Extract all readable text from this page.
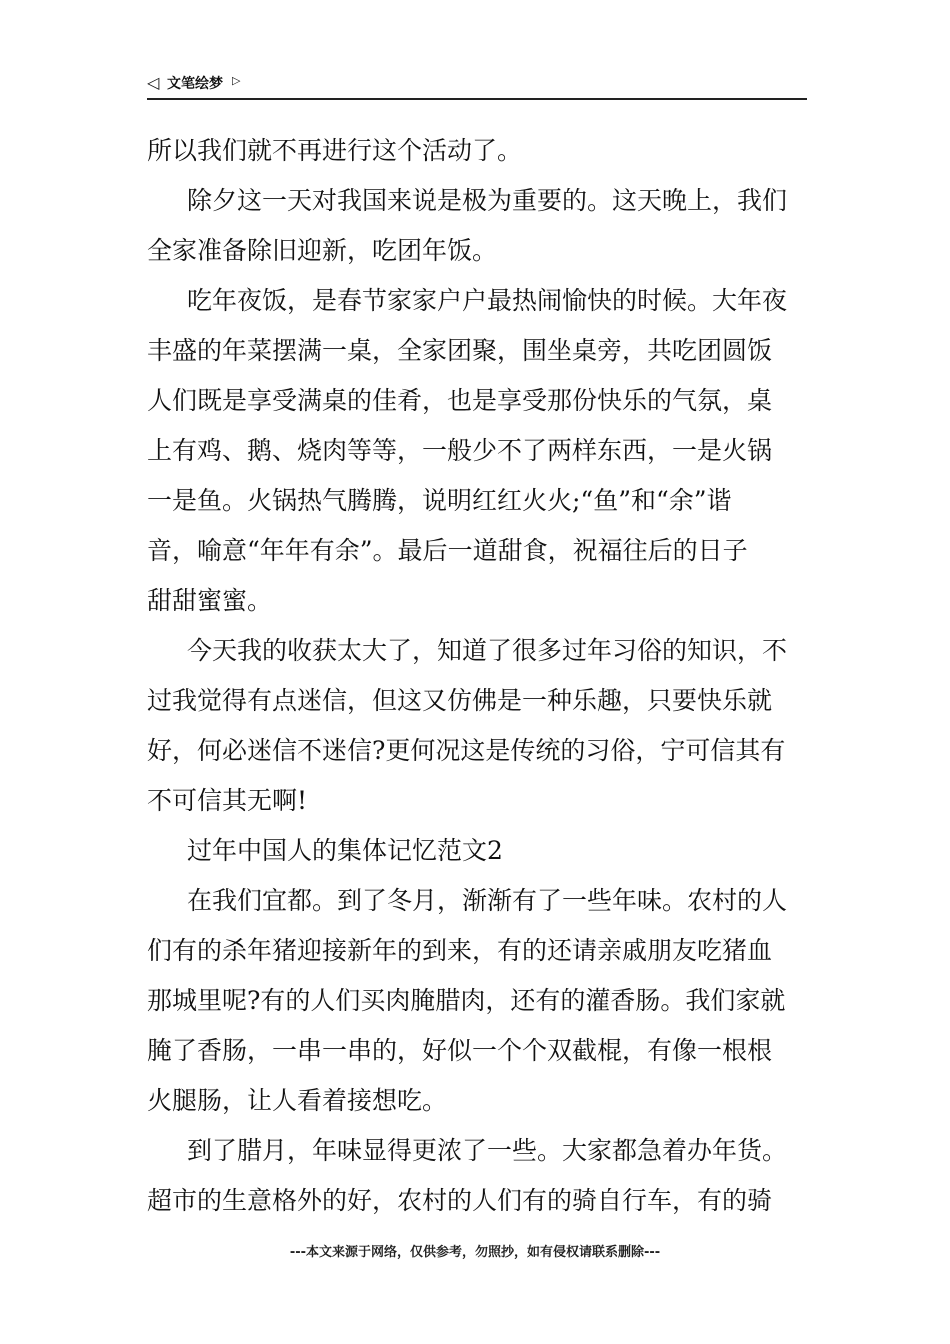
◁ 文笔绘梦 ▷
所以我们就不再进行这个活动了。
除夕这一天对我国来说是极为重要的。这天晚上，我们
全家准备除旧迎新，吃团年饭。
吃年夜饭，是春节家家户户最热闹愉快的时候。大年夜
丰盛的年菜摆满一桌，全家团聚，围坐桌旁，共吃团圆饭
人们既是享受满桌的佳肴，也是享受那份快乐的气氛，桌
上有鸡、鹅、烧肉等等，一般少不了两样东西，一是火锅
一是鱼。火锅热气腾腾，说明红红火火;“鱼”和“余”谐
音，喻意“年年有余”。最后一道甜食，祝福往后的日子
甜甜蜜蜜。
今天我的收获太大了，知道了很多过年习俗的知识，不
过我觉得有点迷信，但这又仿佛是一种乐趣，只要快乐就
好，何必迷信不迷信?更何况这是传统的习俗，宁可信其有
不可信其无啊!
过年中国人的集体记忆范文2
在我们宜都。到了冬月，渐渐有了一些年味。农村的人
们有的杀年猪迎接新年的到来，有的还请亲戚朋友吃猪血
那城里呢?有的人们买肉腌腊肉，还有的灌香肠。我们家就
腌了香肠，一串一串的，好似一个个双截棍，有像一根根
火腿肠，让人看着接想吃。
到了腊月，年味显得更浓了一些。大家都急着办年货。
超市的生意格外的好，农村的人们有的骑自行车，有的骑
---本文来源于网络，仅供参考，勿照抄，如有侵权请联系删除---
